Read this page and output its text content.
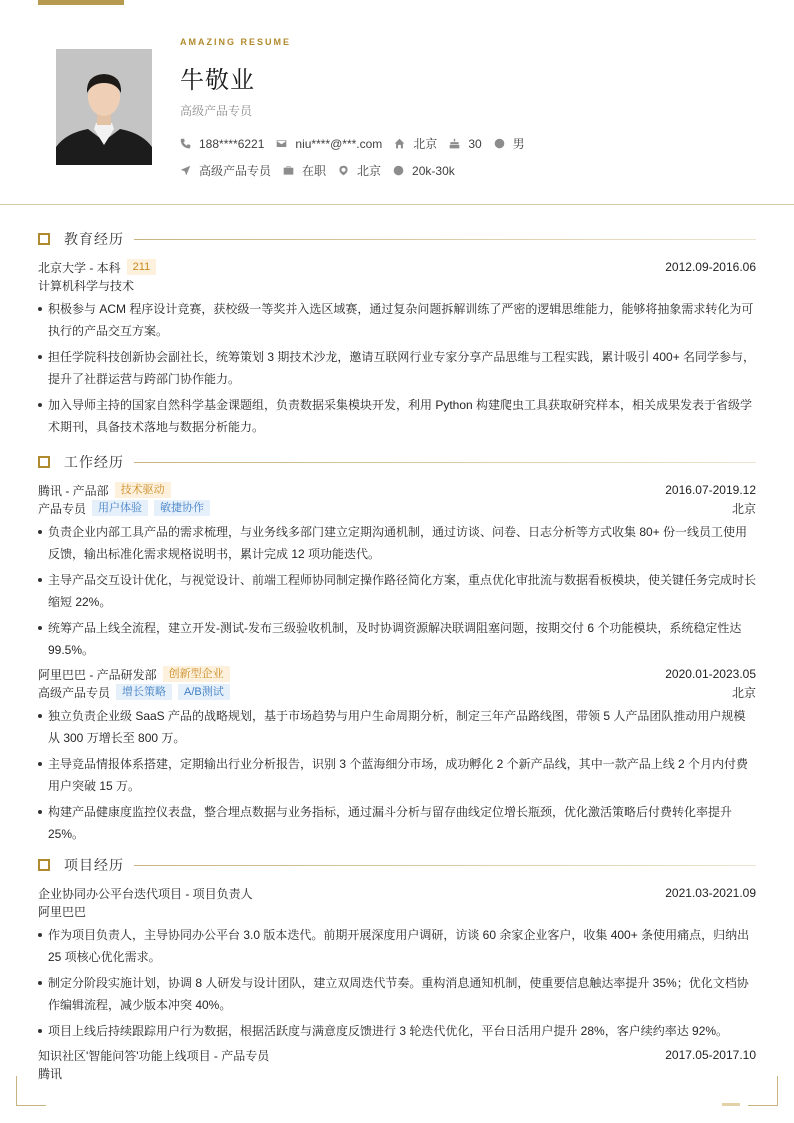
AMAZING RESUME
牛敬业
高级产品专员
188****6221	niu****@***.com	北京	30	男
高级产品专员	在职	北京	20k-30k
教育经历
北京大学 - 本科	211	2012.09-2016.06
计算机科学与技术
积极参与 ACM 程序设计竞赛，获校级一等奖并入选区域赛，通过复杂问题拆解训练了严密的逻辑思维能力，能够将抽象需求转化为可执行的产品交互方案。
担任学院科技创新协会副社长，统筹策划 3 期技术沙龙，邀请互联网行业专家分享产品思维与工程实践，累计吸引 400+ 名同学参与，提升了社群运营与跨部门协作能力。
加入导师主持的国家自然科学基金课题组，负责数据采集模块开发，利用 Python 构建爬虫工具获取研究样本，相关成果发表于省级学术期刊，具备技术落地与数据分析能力。
工作经历
腾讯 - 产品部	技术驱动	2016.07-2019.12
产品专员	用户体验	敏捷协作	北京
负责企业内部工具产品的需求梳理，与业务线多部门建立定期沟通机制，通过访谈、问卷、日志分析等方式收集 80+ 份一线员工使用反馈，输出标准化需求规格说明书，累计完成 12 项功能迭代。
主导产品交互设计优化，与视觉设计、前端工程师协同制定操作路径简化方案，重点优化审批流与数据看板模块，使关键任务完成时长缩短 22%。
统筹产品上线全流程，建立开发-测试-发布三级验收机制，及时协调资源解决联调阻塞问题，按期交付 6 个功能模块，系统稳定性达 99.5%。
阿里巴巴 - 产品研发部	创新型企业	2020.01-2023.05
高级产品专员	增长策略	A/B测试	北京
独立负责企业级 SaaS 产品的战略规划，基于市场趋势与用户生命周期分析，制定三年产品路线图，带领 5 人产品团队推动用户规模从 300 万增长至 800 万。
主导竞品情报体系搭建，定期输出行业分析报告，识别 3 个蓝海细分市场，成功孵化 2 个新产品线，其中一款产品上线 2 个月内付费用户突破 15 万。
构建产品健康度监控仪表盘，整合埋点数据与业务指标，通过漏斗分析与留存曲线定位增长瓶颈，优化激活策略后付费转化率提升 25%。
项目经历
企业协同办公平台迭代项目 - 项目负责人	2021.03-2021.09
阿里巴巴
作为项目负责人，主导协同办公平台 3.0 版本迭代。前期开展深度用户调研，访谈 60 余家企业客户，收集 400+ 条使用痛点，归纳出 25 项核心优化需求。
制定分阶段实施计划，协调 8 人研发与设计团队，建立双周迭代节奏。重构消息通知机制，使重要信息触达率提升 35%；优化文档协作编辑流程，减少版本冲突 40%。
项目上线后持续跟踪用户行为数据，根据活跃度与满意度反馈进行 3 轮迭代优化，平台日活用户提升 28%，客户续约率达 92%。
知识社区'智能问答'功能上线项目 - 产品专员	2017.05-2017.10
腾讯
